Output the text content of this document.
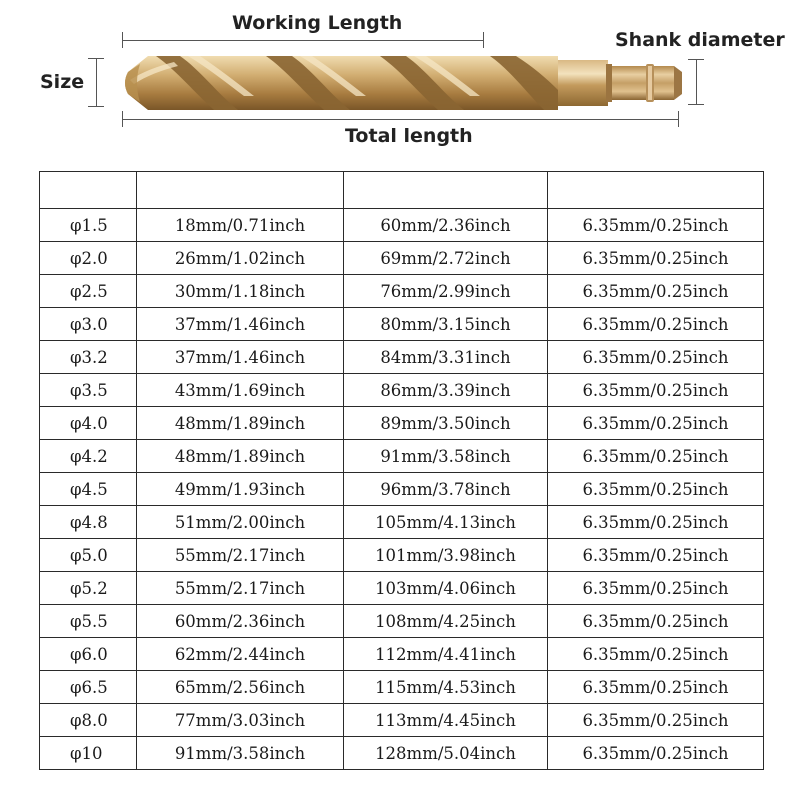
Working Length
Shank diameter
Size
Total length

φ1.5	18mm/0.71inch	60mm/2.36inch	6.35mm/0.25inch
φ2.0	26mm/1.02inch	69mm/2.72inch	6.35mm/0.25inch
φ2.5	30mm/1.18inch	76mm/2.99inch	6.35mm/0.25inch
φ3.0	37mm/1.46inch	80mm/3.15inch	6.35mm/0.25inch
φ3.2	37mm/1.46inch	84mm/3.31inch	6.35mm/0.25inch
φ3.5	43mm/1.69inch	86mm/3.39inch	6.35mm/0.25inch
φ4.0	48mm/1.89inch	89mm/3.50inch	6.35mm/0.25inch
φ4.2	48mm/1.89inch	91mm/3.58inch	6.35mm/0.25inch
φ4.5	49mm/1.93inch	96mm/3.78inch	6.35mm/0.25inch
φ4.8	51mm/2.00inch	105mm/4.13inch	6.35mm/0.25inch
φ5.0	55mm/2.17inch	101mm/3.98inch	6.35mm/0.25inch
φ5.2	55mm/2.17inch	103mm/4.06inch	6.35mm/0.25inch
φ5.5	60mm/2.36inch	108mm/4.25inch	6.35mm/0.25inch
φ6.0	62mm/2.44inch	112mm/4.41inch	6.35mm/0.25inch
φ6.5	65mm/2.56inch	115mm/4.53inch	6.35mm/0.25inch
φ8.0	77mm/3.03inch	113mm/4.45inch	6.35mm/0.25inch
φ10	91mm/3.58inch	128mm/5.04inch	6.35mm/0.25inch
